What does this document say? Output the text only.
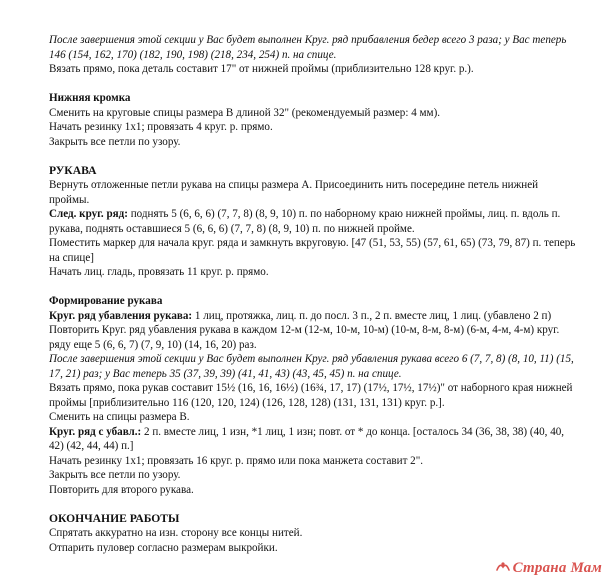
После завершения этой секции у Вас будет выполнен Круг. ряд прибавления бедер всего 3 раза; у Вас теперь 146 (154, 162, 170) (182, 190, 198) (218, 234, 254) п. на спице.

Вязать прямо, пока деталь составит 17" от нижней проймы (приблизительно 128 круг. р.).

Нижняя кромка

Сменить на круговые спицы размера В длиной 32" (рекомендуемый размер: 4 мм).

Начать резинку 1х1; провязать 4 круг. р. прямо.

Закрыть все петли по узору.

РУКАВА

Вернуть отложенные петли рукава на спицы размера А. Присоединить нить посередине петель нижней проймы.

След. круг. ряд: поднять 5 (6, 6, 6) (7, 7, 8) (8, 9, 10) п. по наборному краю нижней проймы, лиц. п. вдоль п. рукава, поднять оставшиеся 5 (6, 6, 6) (7, 7, 8) (8, 9, 10) п. по нижней пройме.

Поместить маркер для начала круг. ряда и замкнуть вкруговую. [47 (51, 53, 55) (57, 61, 65) (73, 79, 87) п. теперь на спице]

Начать лиц. гладь, провязать 11 круг. р. прямо.

Формирование рукава

Круг. ряд убавления рукава: 1 лиц, протяжка, лиц. п. до посл. 3 п., 2 п. вместе лиц, 1 лиц. (убавлено 2 п)

Повторить Круг. ряд убавления рукава в каждом 12-м (12-м, 10-м, 10-м) (10-м, 8-м, 8-м) (6-м, 4-м, 4-м) круг. ряду еще 5 (6, 6, 7) (7, 9, 10) (14, 16, 20) раз.

После завершения этой секции у Вас будет выполнен Круг. ряд убавления рукава всего 6 (7, 7, 8) (8, 10, 11) (15, 17, 21) раз; у Вас теперь 35 (37, 39, 39) (41, 41, 43) (43, 45, 45) п. на спице.

Вязать прямо, пока рукав составит 15½ (16, 16, 16½) (16¾, 17, 17) (17½, 17½, 17½)" от наборного края нижней проймы [приблизительно 116 (120, 120, 124) (126, 128, 128) (131, 131, 131) круг. р.].

Сменить на спицы размера В.

Круг. ряд с убавл.: 2 п. вместе лиц, 1 изн, *1 лиц, 1 изн; повт. от * до конца. [осталось 34 (36, 38, 38) (40, 40, 42) (42, 44, 44) п.]

Начать резинку 1х1; провязать 16 круг. р. прямо или пока манжета составит 2".

Закрыть все петли по узору.

Повторить для второго рукава.

ОКОНЧАНИЕ РАБОТЫ

Спрятать аккуратно на изн. сторону все концы нитей.

Отпарить пуловер согласно размерам выкройки.

Страна Мам
